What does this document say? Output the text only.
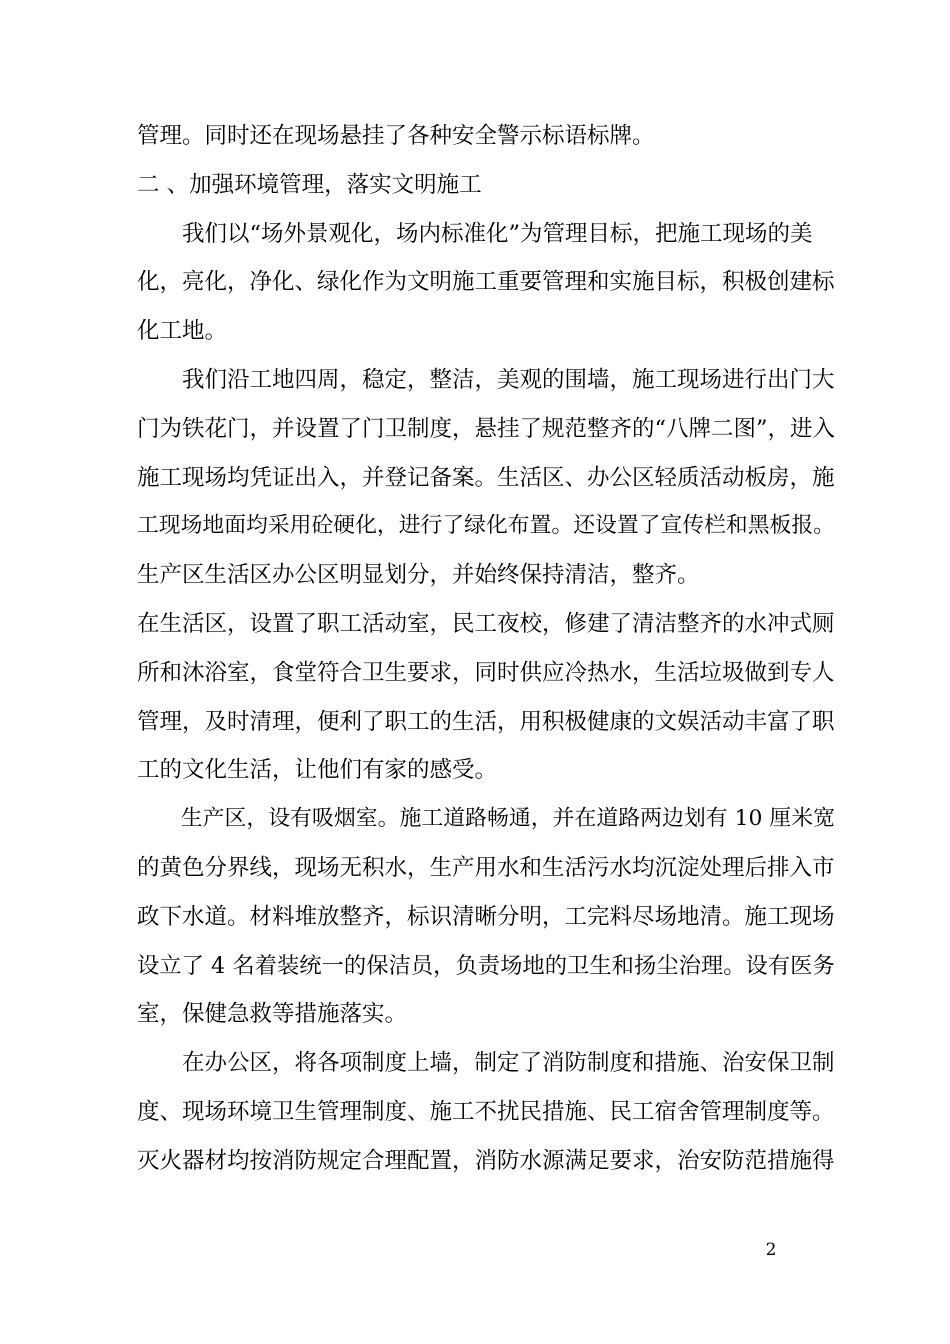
管理。同时还在现场悬挂了各种安全警示标语标牌。
二 、加强环境管理，落实文明施工
　　我们以“场外景观化，场内标准化”为管理目标，把施工现场的美
化，亮化，净化、绿化作为文明施工重要管理和实施目标，积极创建标
化工地。
　　我们沿工地四周，稳定，整洁，美观的围墙，施工现场进行出门大
门为铁花门，并设置了门卫制度，悬挂了规范整齐的“八牌二图”，进入
施工现场均凭证出入，并登记备案。生活区、办公区轻质活动板房，施
工现场地面均采用砼硬化，进行了绿化布置。还设置了宣传栏和黑板报。
生产区生活区办公区明显划分，并始终保持清洁，整齐。
在生活区，设置了职工活动室，民工夜校，修建了清洁整齐的水冲式厕
所和沐浴室，食堂符合卫生要求，同时供应冷热水，生活垃圾做到专人
管理，及时清理，便利了职工的生活，用积极健康的文娱活动丰富了职
工的文化生活，让他们有家的感受。
　　生产区，设有吸烟室。施工道路畅通，并在道路两边划有 10 厘米宽
的黄色分界线，现场无积水，生产用水和生活污水均沉淀处理后排入市
政下水道。材料堆放整齐，标识清晰分明，工完料尽场地清。施工现场
设立了 4 名着装统一的保洁员，负责场地的卫生和扬尘治理。设有医务
室，保健急救等措施落实。
　　在办公区，将各项制度上墙，制定了消防制度和措施、治安保卫制
度、现场环境卫生管理制度、施工不扰民措施、民工宿舍管理制度等。
灭火器材均按消防规定合理配置，消防水源满足要求，治安防范措施得
2
